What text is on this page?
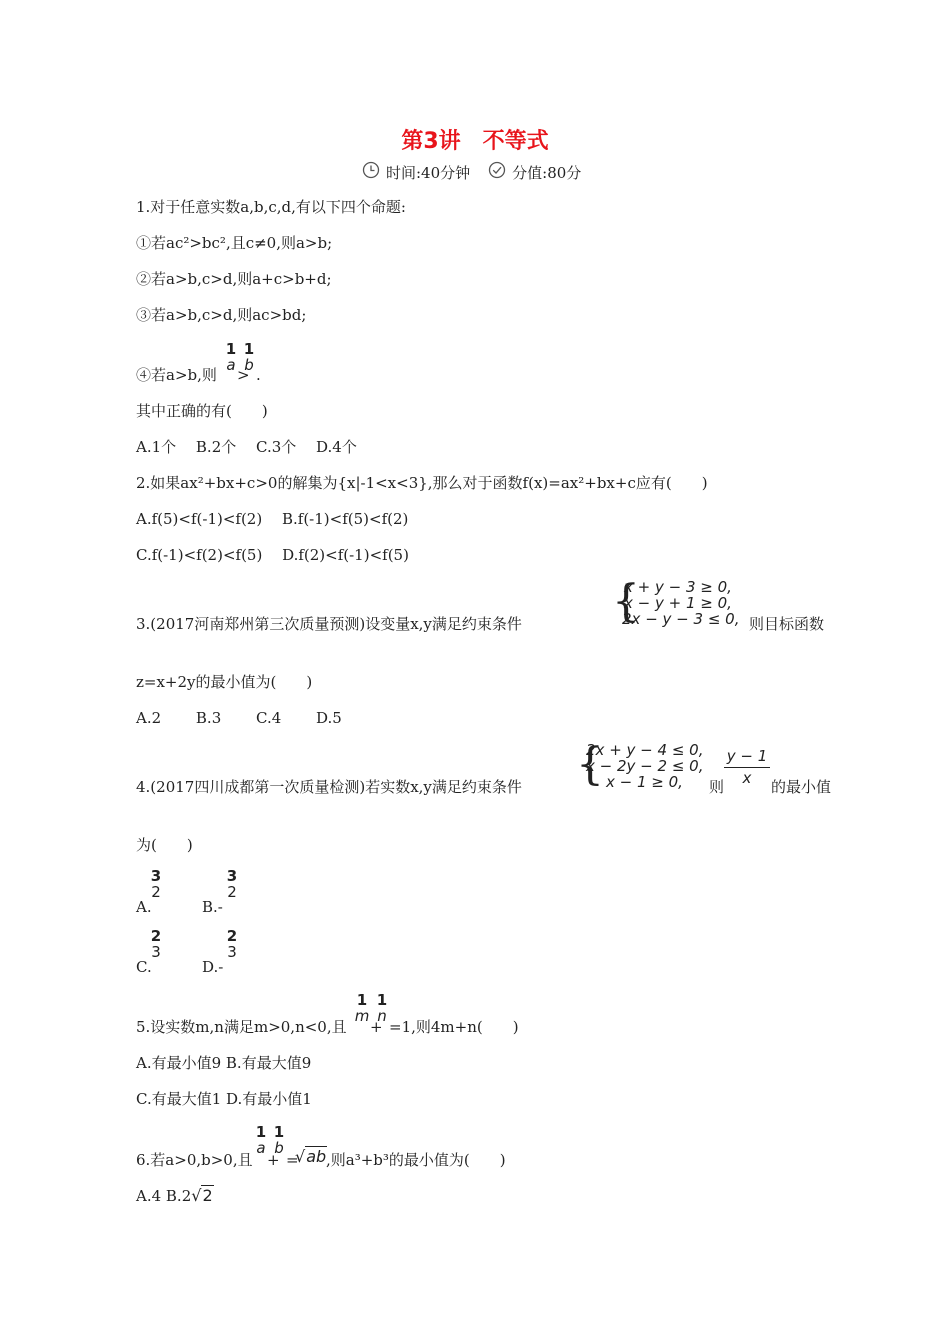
第3讲　不等式
时间:40分钟	分值:80分
1.对于任意实数a,b,c,d,有以下四个命题:
①若ac²>bc²,且c≠0,则a>b;
②若a>b,c>d,则a+c>b+d;
③若a>b,c>d,则ac>bd;
④若a>b,则
1
a
>
1
b
.
其中正确的有(　　)
A.1个　 B.2个　 C.3个　 D.4个
2.如果ax²+bx+c>0的解集为{x|-1<x<3},那么对于函数f(x)=ax²+bx+c应有(　　)
A.f(5)<f(-1)<f(2)　 B.f(-1)<f(5)<f(2)
C.f(-1)<f(2)<f(5)　 D.f(2)<f(-1)<f(5)
3.(2017河南郑州第三次质量预测)设变量x,y满足约束条件 {
x + y − 3 ≥ 0,
x − y + 1 ≥ 0,
2x − y − 3 ≤ 0, 则目标函数
z=x+2y的最小值为(　　)
A.2　　 B.3　　 C.4　　 D.5
4.(2017四川成都第一次质量检测)若实数x,y满足约束条件 {
2x + y − 4 ≤ 0,
x − 2y − 2 ≤ 0,
x − 1 ≥ 0, 则 $\frac{y - 1}{x}$ 的最小值
为(　　)
A.
3
2
B.-
3
2
C.
2
3
D.-
2
3
5.设实数m,n满足m>0,n<0,且
1
m
+
1
n
=1,则4m+n(　　)
A.有最小值9 B.有最大值9
C.有最大值1 D.有最小值1
6.若a>0,b>0,且
1
a
+
1
b
=
√ab ,则a³+b³的最小值为(　　)
A.4 B.2√2
